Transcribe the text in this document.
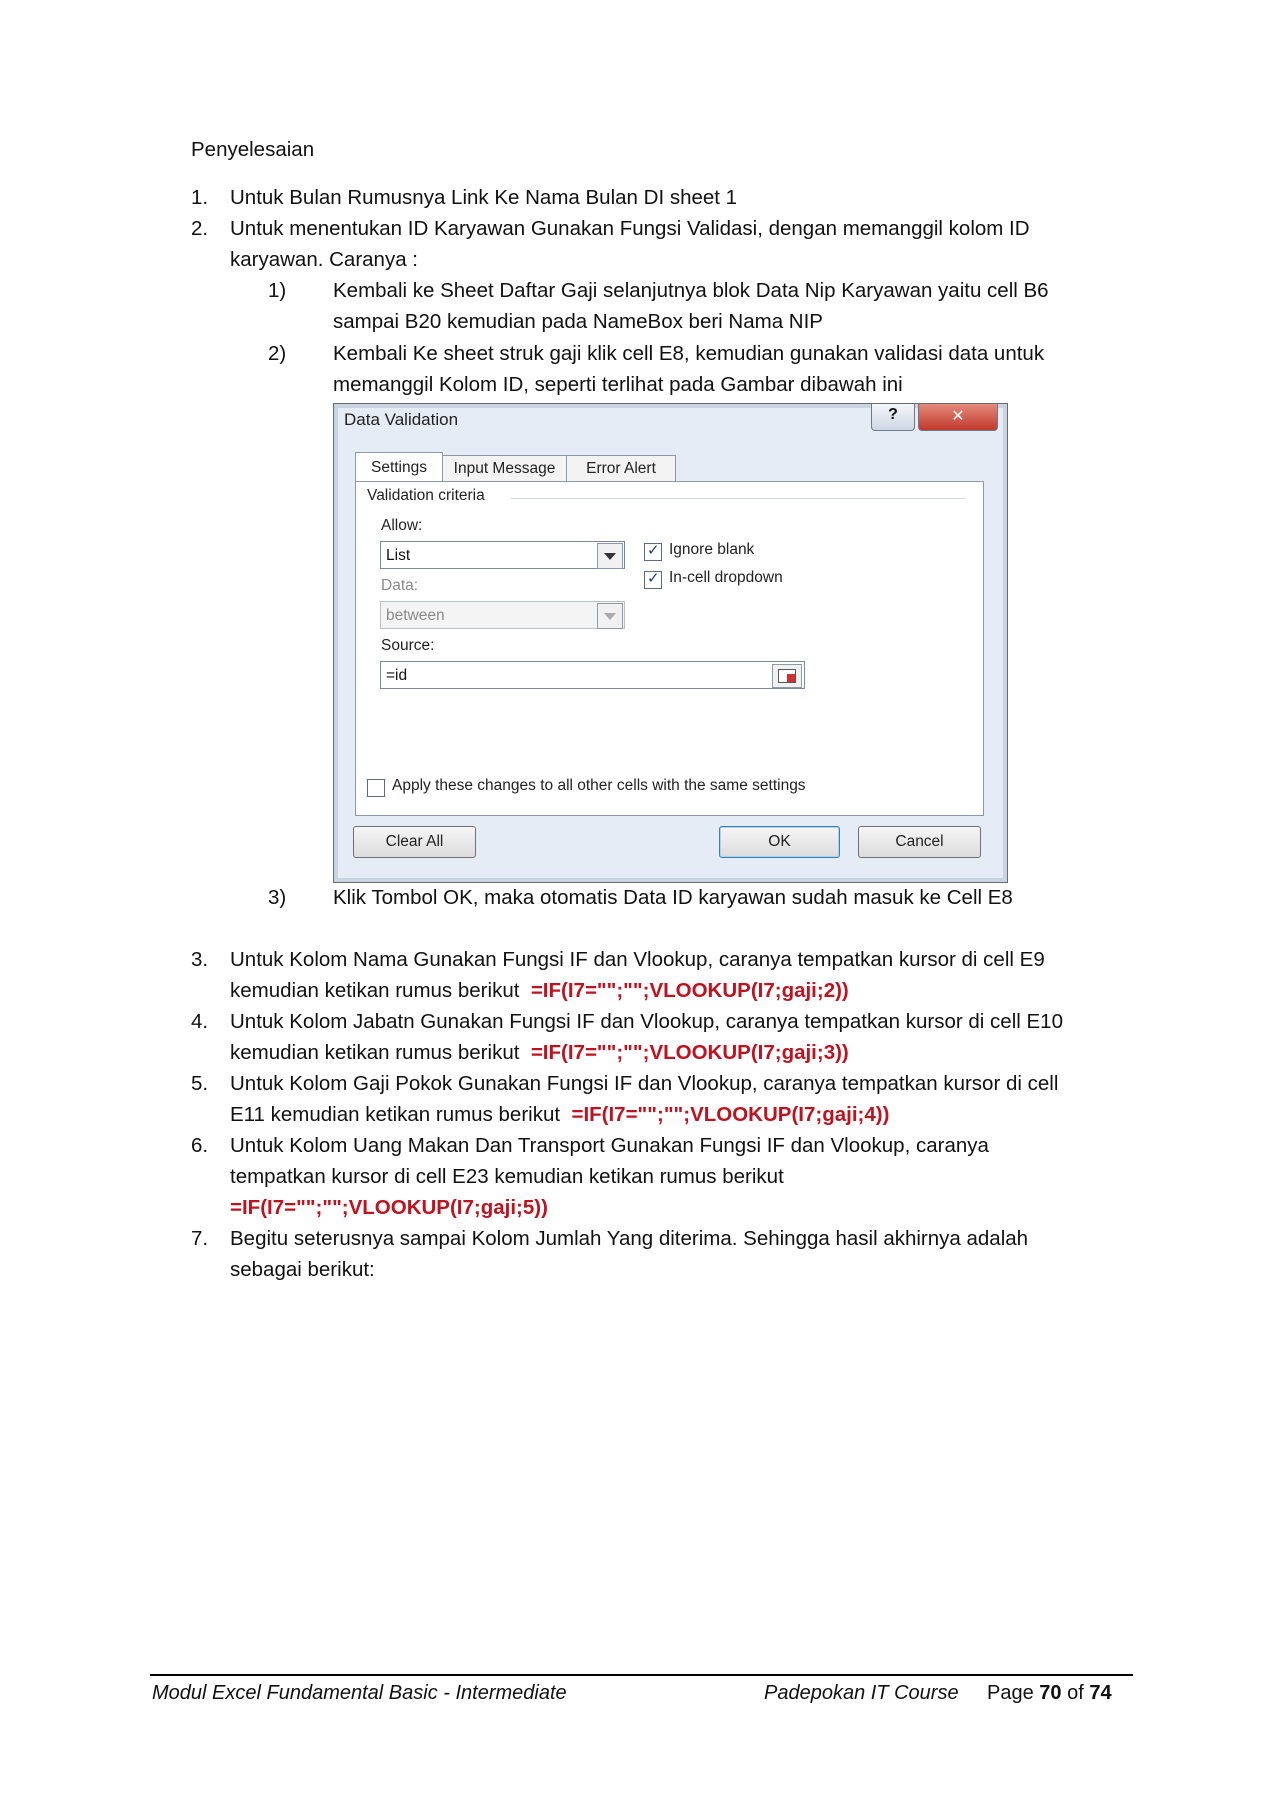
Penyelesaian
1. Untuk Bulan Rumusnya Link Ke Nama Bulan DI sheet 1
2. Untuk menentukan ID Karyawan Gunakan Fungsi Validasi, dengan memanggil kolom ID
karyawan. Caranya :
1) Kembali ke Sheet Daftar Gaji selanjutnya blok Data Nip Karyawan yaitu cell B6
sampai B20 kemudian pada NameBox beri Nama NIP
2) Kembali Ke sheet struk gaji klik cell E8, kemudian gunakan validasi data untuk
memanggil Kolom ID, seperti terlihat pada Gambar dibawah ini
Data Validation	?	✕
Settings	Input Message	Error Alert
Validation criteria
Allow:
List
✓	Ignore blank
✓
In-cell dropdown
Data:
between
Source:
=id
Apply these changes to all other cells with the same settings
Clear All	OK	Cancel
3) Klik Tombol OK, maka otomatis Data ID karyawan sudah masuk ke Cell E8
3. Untuk Kolom Nama Gunakan Fungsi IF dan Vlookup, caranya tempatkan kursor di cell E9
kemudian ketikan rumus berikut =IF(I7="";"";VLOOKUP(I7;gaji;2))
4. Untuk Kolom Jabatn Gunakan Fungsi IF dan Vlookup, caranya tempatkan kursor di cell E10
kemudian ketikan rumus berikut =IF(I7="";"";VLOOKUP(I7;gaji;3))
5. Untuk Kolom Gaji Pokok Gunakan Fungsi IF dan Vlookup, caranya tempatkan kursor di cell
E11 kemudian ketikan rumus berikut =IF(I7="";"";VLOOKUP(I7;gaji;4))
6. Untuk Kolom Uang Makan Dan Transport Gunakan Fungsi IF dan Vlookup, caranya
tempatkan kursor di cell E23 kemudian ketikan rumus berikut
=IF(I7="";"";VLOOKUP(I7;gaji;5))
7. Begitu seterusnya sampai Kolom Jumlah Yang diterima. Sehingga hasil akhirnya adalah
sebagai berikut:
Modul Excel Fundamental Basic - Intermediate	Padepokan IT Course Page 70 of 74
